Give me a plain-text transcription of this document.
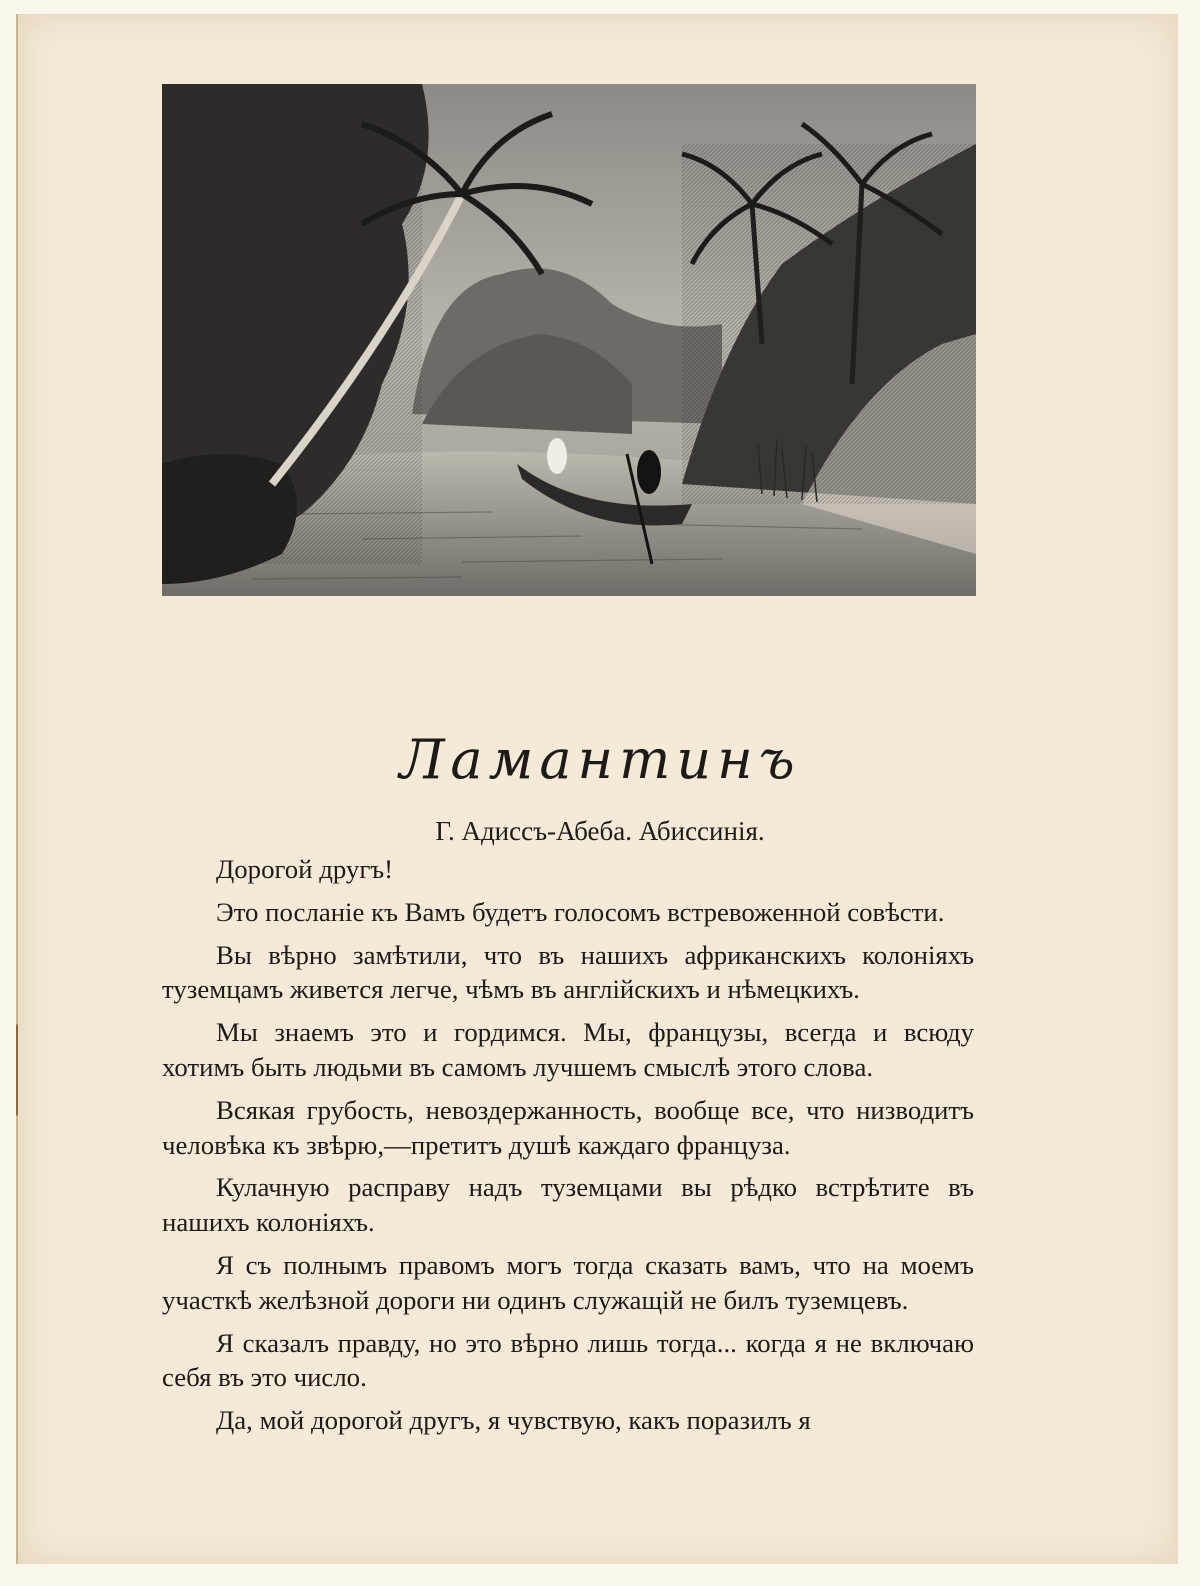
Ламантинъ
Г. Адиссъ-Абеба. Абиссинія.

Дорогой другъ!

Это посланіе къ Вамъ будетъ голосомъ встревоженной совѣсти.

Вы вѣрно замѣтили, что въ нашихъ африканскихъ колоніяхъ туземцамъ живется легче, чѣмъ въ англійскихъ и нѣмецкихъ.

Мы знаемъ это и гордимся. Мы, французы, всегда и всюду хотимъ быть людьми въ самомъ лучшемъ смыслѣ этого слова.

Всякая грубость, невоздержанность, вообще все, что низводитъ человѣка къ звѣрю,—претитъ душѣ каждаго француза.

Кулачную расправу надъ туземцами вы рѣдко встрѣтите въ нашихъ колоніяхъ.

Я съ полнымъ правомъ могъ тогда сказать вамъ, что на моемъ участкѣ желѣзной дороги ни одинъ служащій не билъ туземцевъ.

Я сказалъ правду, но это вѣрно лишь тогда... когда я не включаю себя въ это число.

Да, мой дорогой другъ, я чувствую, какъ поразилъ я
